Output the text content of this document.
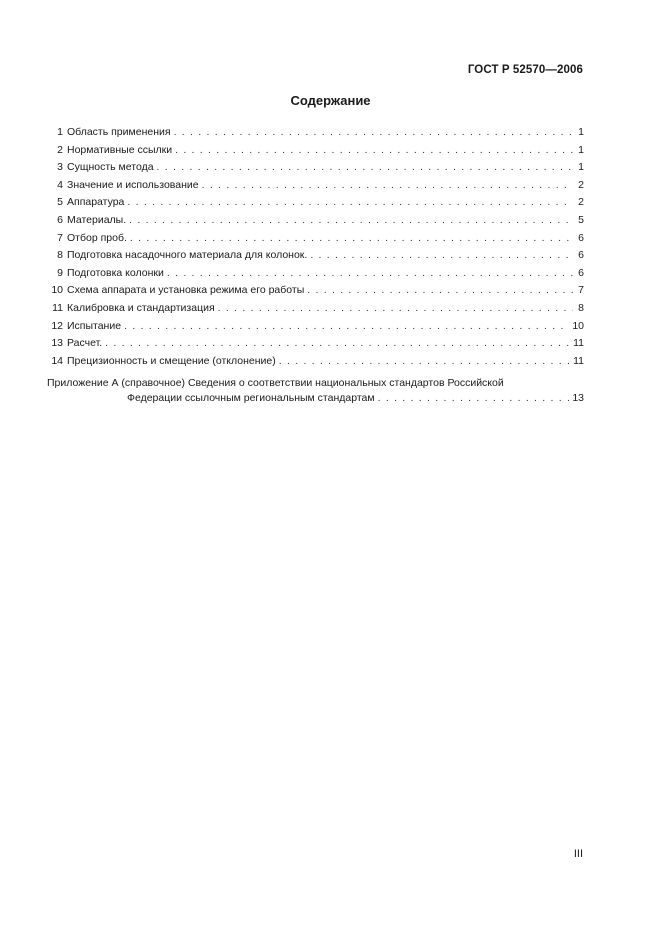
ГОСТ Р 52570—2006
Содержание
1 Область применения . . .	1
2 Нормативные ссылки . . .	1
3 Сущность метода . . .	1
4 Значение и использование . . .	2
5 Аппаратура . . .	2
6 Материалы. . . .	5
7 Отбор проб. . . .	6
8 Подготовка насадочного материала для колонок. . . .	6
9 Подготовка колонки . . .	6
10 Схема аппарата и установка режима его работы . . .	7
11 Калибровка и стандартизация . . .	8
12 Испытание . . .	10
13 Расчет. . . .	11
14 Прецизионность и смещение (отклонение) . . .	11
Приложение А (справочное) Сведения о соответствии национальных стандартов Российской
Федерации ссылочным региональным стандартам . . .	13
III
